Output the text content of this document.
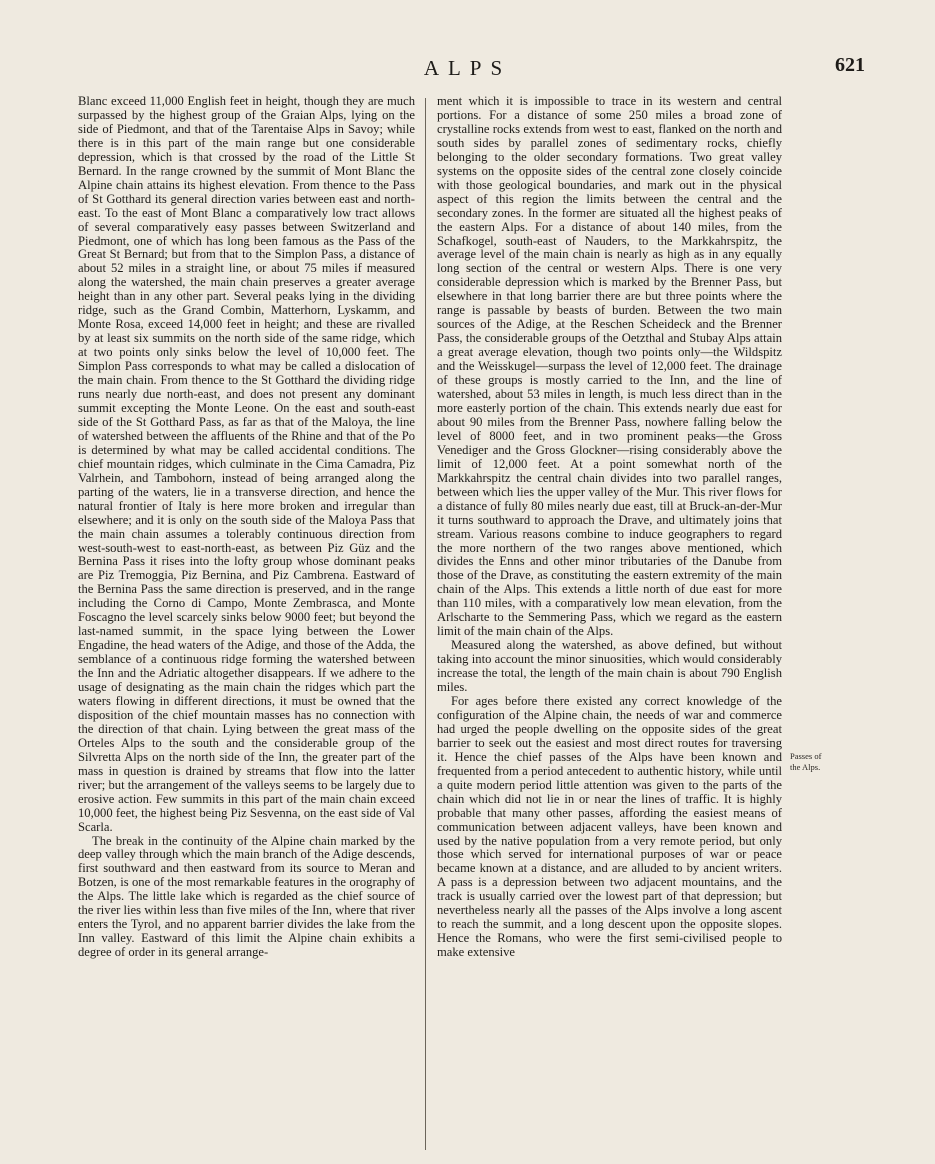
ALPS	621

Blanc exceed 11,000 English feet in height, though they are much surpassed by the highest group of the Graian Alps, lying on the side of Piedmont, and that of the Tarentaise Alps in Savoy; while there is in this part of the main range but one considerable depression, which is that crossed by the road of the Little St Bernard. In the range crowned by the summit of Mont Blanc the Alpine chain attains its highest elevation. From thence to the Pass of St Gotthard its general direction varies between east and north-east. To the east of Mont Blanc a comparatively low tract allows of several comparatively easy passes between Switzerland and Piedmont, one of which has long been famous as the Pass of the Great St Bernard; but from that to the Simplon Pass, a distance of about 52 miles in a straight line, or about 75 miles if measured along the watershed, the main chain preserves a greater average height than in any other part. Several peaks lying in the dividing ridge, such as the Grand Combin, Matterhorn, Lyskamm, and Monte Rosa, exceed 14,000 feet in height; and these are rivalled by at least six summits on the north side of the same ridge, which at two points only sinks below the level of 10,000 feet. The Simplon Pass corresponds to what may be called a dislocation of the main chain. From thence to the St Gotthard the dividing ridge runs nearly due north-east, and does not present any dominant summit excepting the Monte Leone. On the east and south-east side of the St Gotthard Pass, as far as that of the Maloya, the line of watershed between the affluents of the Rhine and that of the Po is determined by what may be called accidental conditions. The chief mountain ridges, which culminate in the Cima Camadra, Piz Valrhein, and Tambohorn, instead of being arranged along the parting of the waters, lie in a transverse direction, and hence the natural frontier of Italy is here more broken and irregular than elsewhere; and it is only on the south side of the Maloya Pass that the main chain assumes a tolerably continuous direction from west-south-west to east-north-east, as between Piz Güz and the Bernina Pass it rises into the lofty group whose dominant peaks are Piz Tremoggia, Piz Bernina, and Piz Cambrena. Eastward of the Bernina Pass the same direction is preserved, and in the range including the Corno di Campo, Monte Zembrasca, and Monte Foscagno the level scarcely sinks below 9000 feet; but beyond the last-named summit, in the space lying between the Lower Engadine, the head waters of the Adige, and those of the Adda, the semblance of a continuous ridge forming the watershed between the Inn and the Adriatic altogether disappears. If we adhere to the usage of designating as the main chain the ridges which part the waters flowing in different directions, it must be owned that the disposition of the chief mountain masses has no connection with the direction of that chain. Lying between the great mass of the Orteles Alps to the south and the considerable group of the Silvretta Alps on the north side of the Inn, the greater part of the mass in question is drained by streams that flow into the latter river; but the arrangement of the valleys seems to be largely due to erosive action. Few summits in this part of the main chain exceed 10,000 feet, the highest being Piz Sesvenna, on the east side of Val Scarla.

The break in the continuity of the Alpine chain marked by the deep valley through which the main branch of the Adige descends, first southward and then eastward from its source to Meran and Botzen, is one of the most remarkable features in the orography of the Alps. The little lake which is regarded as the chief source of the river lies within less than five miles of the Inn, where that river enters the Tyrol, and no apparent barrier divides the lake from the Inn valley. Eastward of this limit the Alpine chain exhibits a degree of order in its general arrange-

ment which it is impossible to trace in its western and central portions. For a distance of some 250 miles a broad zone of crystalline rocks extends from west to east, flanked on the north and south sides by parallel zones of sedimentary rocks, chiefly belonging to the older secondary formations. Two great valley systems on the opposite sides of the central zone closely coincide with those geological boundaries, and mark out in the physical aspect of this region the limits between the central and the secondary zones. In the former are situated all the highest peaks of the eastern Alps. For a distance of about 140 miles, from the Schafkogel, south-east of Nauders, to the Markkahrspitz, the average level of the main chain is nearly as high as in any equally long section of the central or western Alps. There is one very considerable depression which is marked by the Brenner Pass, but elsewhere in that long barrier there are but three points where the range is passable by beasts of burden. Between the two main sources of the Adige, at the Reschen Scheideck and the Brenner Pass, the considerable groups of the Oetzthal and Stubay Alps attain a great average elevation, though two points only—the Wildspitz and the Weisskugel—surpass the level of 12,000 feet. The drainage of these groups is mostly carried to the Inn, and the line of watershed, about 53 miles in length, is much less direct than in the more easterly portion of the chain. This extends nearly due east for about 90 miles from the Brenner Pass, nowhere falling below the level of 8000 feet, and in two prominent peaks—the Gross Venediger and the Gross Glockner—rising considerably above the limit of 12,000 feet. At a point somewhat north of the Markkahrspitz the central chain divides into two parallel ranges, between which lies the upper valley of the Mur. This river flows for a distance of fully 80 miles nearly due east, till at Bruck-an-der-Mur it turns southward to approach the Drave, and ultimately joins that stream. Various reasons combine to induce geographers to regard the more northern of the two ranges above mentioned, which divides the Enns and other minor tributaries of the Danube from those of the Drave, as constituting the eastern extremity of the main chain of the Alps. This extends a little north of due east for more than 110 miles, with a comparatively low mean elevation, from the Arlscharte to the Semmering Pass, which we regard as the eastern limit of the main chain of the Alps.

Measured along the watershed, as above defined, but without taking into account the minor sinuosities, which would considerably increase the total, the length of the main chain is about 790 English miles.

For ages before there existed any correct knowledge of the configuration of the Alpine chain, the needs of war and commerce had urged the people dwelling on the opposite sides of the great barrier to seek out the easiest and most direct routes for traversing it. Hence the chief passes of the Alps have been known and frequented from a period antecedent to authentic history, while until a quite modern period little attention was given to the parts of the chain which did not lie in or near the lines of traffic. It is highly probable that many other passes, affording the easiest means of communication between adjacent valleys, have been known and used by the native population from a very remote period, but only those which served for international purposes of war or peace became known at a distance, and are alluded to by ancient writers. A pass is a depression between two adjacent mountains, and the track is usually carried over the lowest part of that depression; but nevertheless nearly all the passes of the Alps involve a long ascent to reach the summit, and a long descent upon the opposite slopes. Hence the Romans, who were the first semi-civilised people to make extensive

Passes of
the Alps.
